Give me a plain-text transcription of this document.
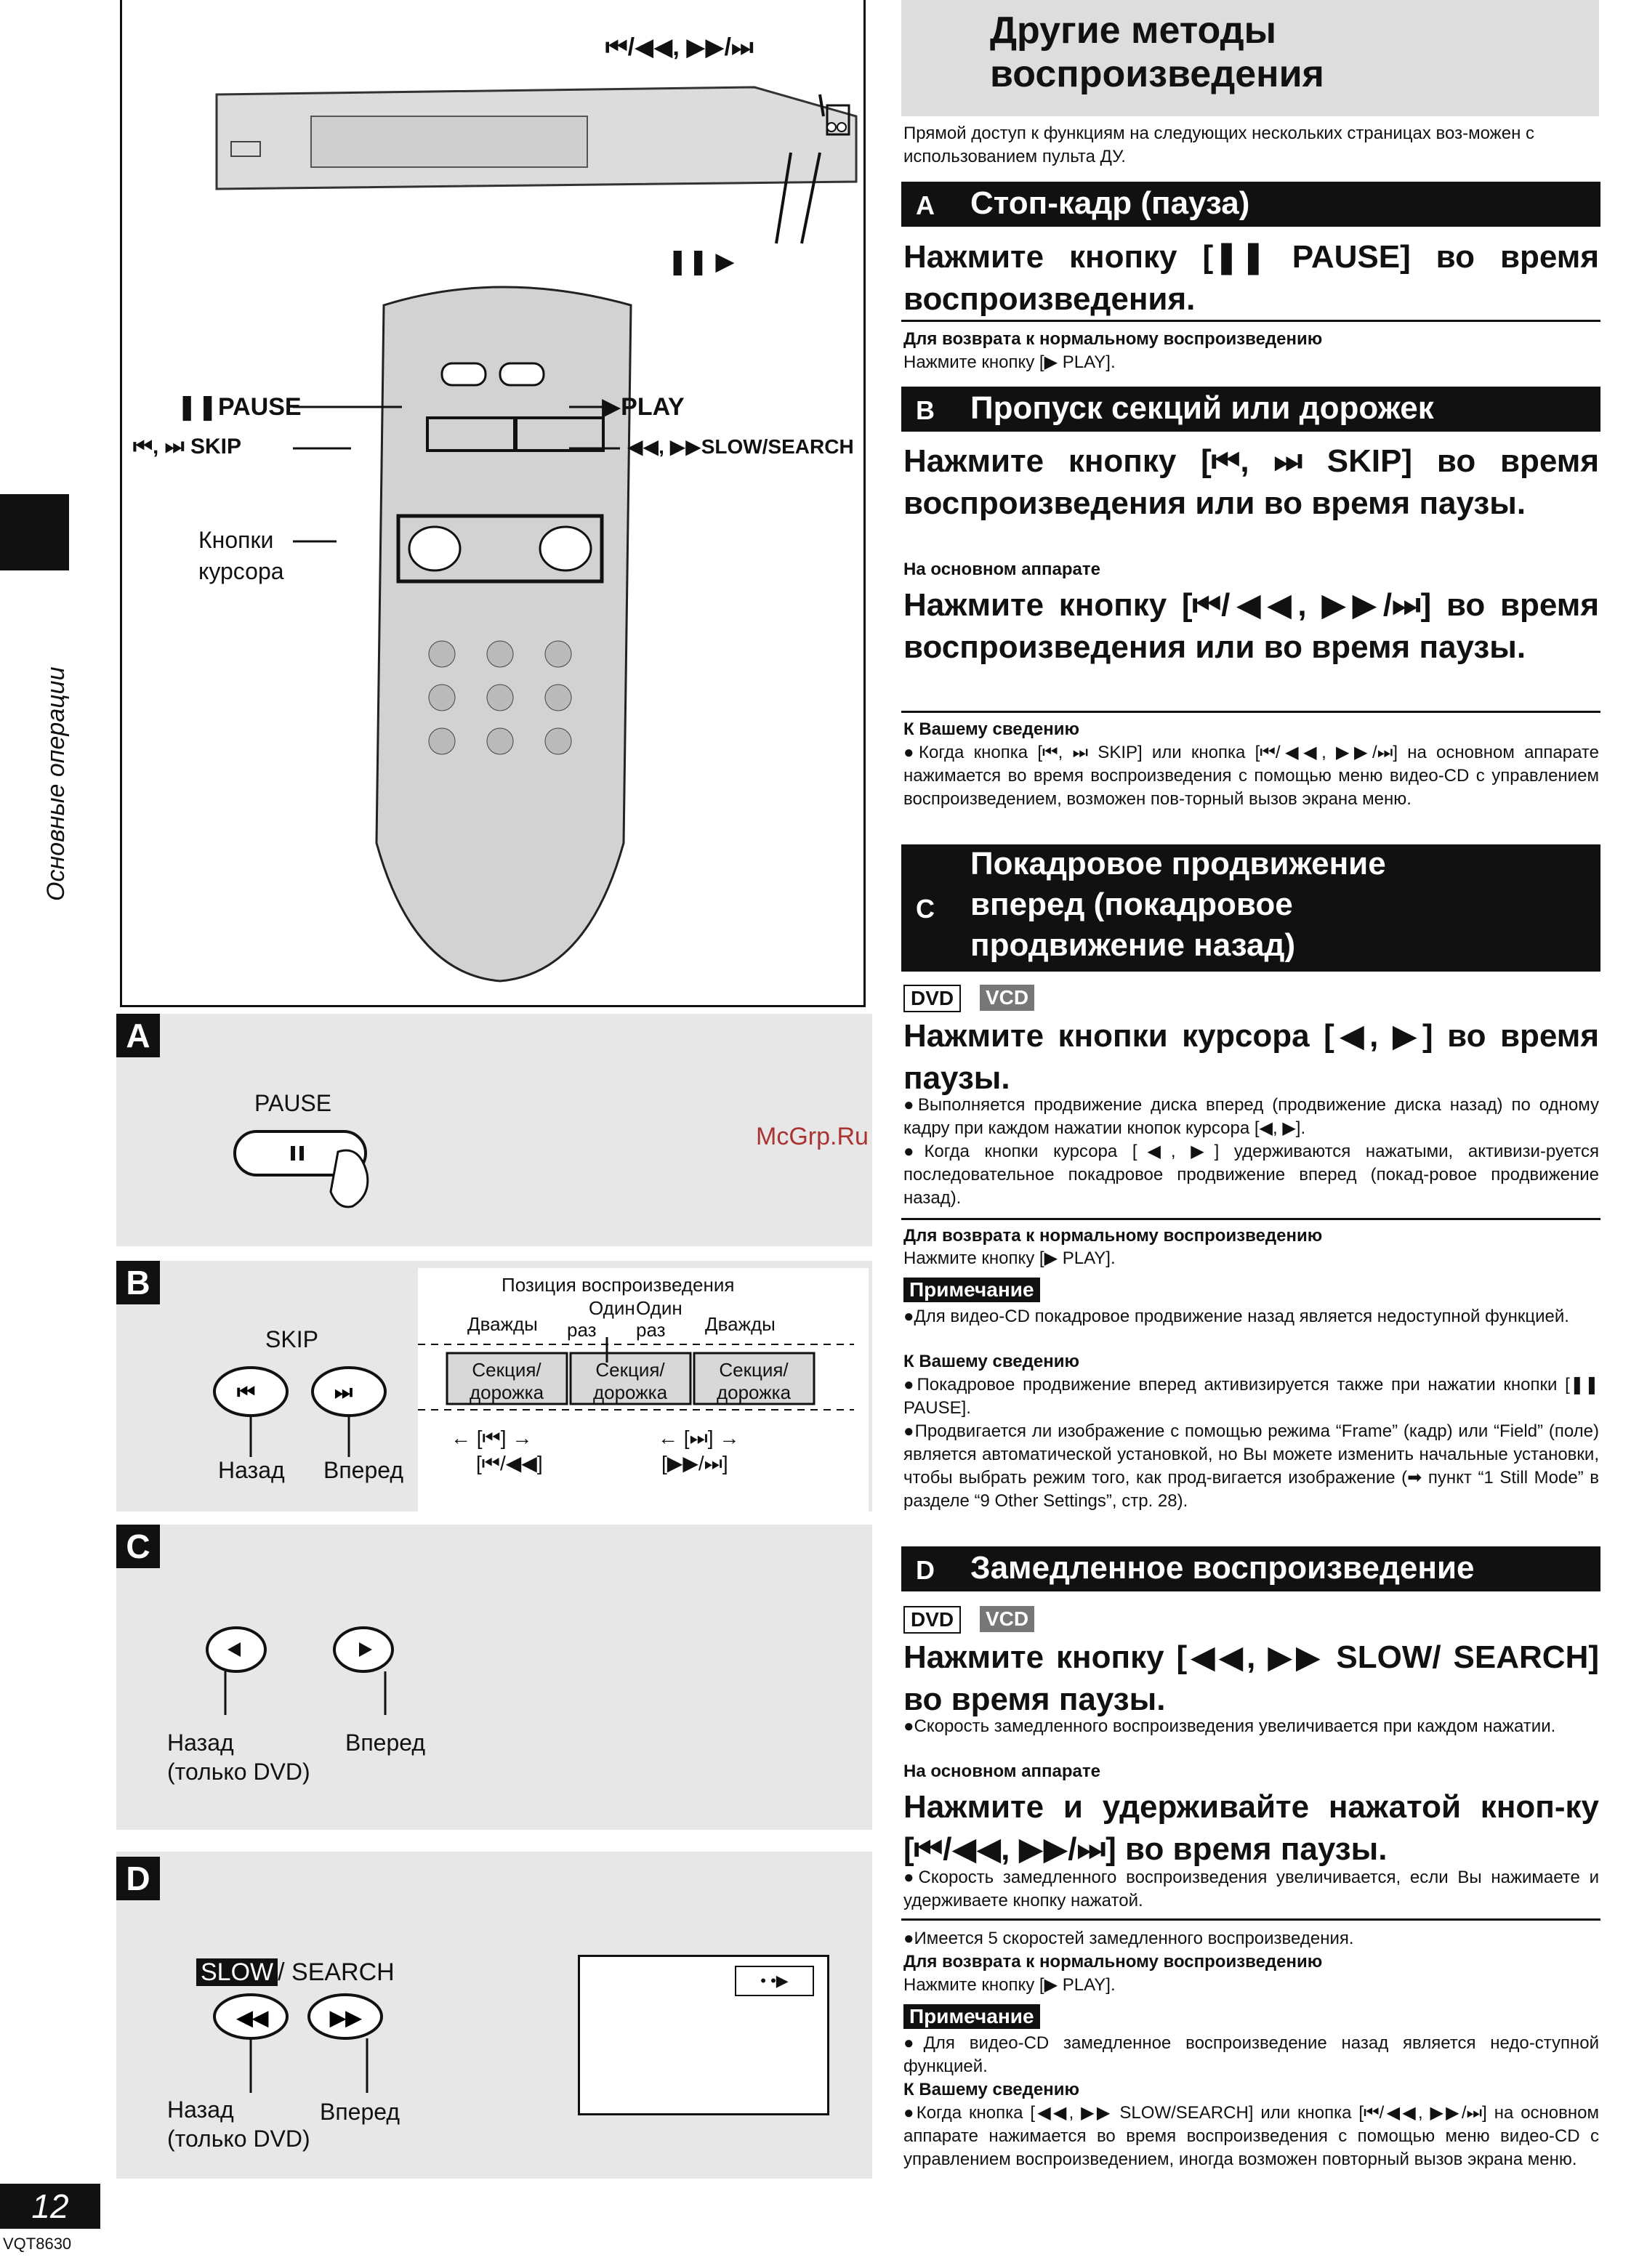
Основные операции
12
VQT8630
⏮/◀◀, ▶▶/⏭
❚❚ ▶
❚❚PAUSE	▶PLAY
⏮, ⏭ SKIP	◀◀, ▶▶SLOW/SEARCH
Кнопки
курсора
A
PAUSE
B
SKIP
⏮	⏭
Назад Вперед
Позиция воспроизведения
Дважды
Один
раз
Один
раз Дважды
Секция/
дорожка
Секция/
дорожка
Секция/
дорожка
← [⏮] →
[⏮/◀◀]
← [⏭] →
[▶▶/⏭]
C
Назад
(только DVD)
Вперед
D
SLOW / SEARCH
◀◀	▶▶
Назад
(только DVD)
Вперед
• •▶
Другие методы
воспроизведения
Прямой доступ к функциям на следующих нескольких страницах воз-можен с использованием пульта ДУ.
A Стоп-кадр (пауза)
Нажмите кнопку [❚❚ PAUSE] во время воспроизведения.
Для возврата к нормальному воспроизведению
Нажмите кнопку [▶ PLAY].
B Пропуск секций или дорожек
Нажмите кнопку [⏮, ⏭ SKIP] во время воспроизведения или во время паузы.
На основном аппарате
Нажмите кнопку [⏮/◀◀, ▶▶/⏭] во время воспроизведения или во время паузы.
К Вашему сведению
●Когда кнопка [⏮, ⏭ SKIP] или кнопка [⏮/◀◀, ▶▶/⏭] на основном аппарате нажимается во время воспроизведения с помощью меню видео-CD с управлением воспроизведением, возможен пов-торный вызов экрана меню.
C
Покадровое продвижение
вперед (покадровое
продвижение назад)
DVD	VCD
Нажмите кнопки курсора [◀, ▶] во время паузы.
●Выполняется продвижение диска вперед (продвижение диска назад) по одному кадру при каждом нажатии кнопок курсора [◀, ▶].
●Когда кнопки курсора [◀, ▶] удерживаются нажатыми, активизи-руется последовательное покадровое продвижение вперед (покад-ровое продвижение назад).
Для возврата к нормальному воспроизведению
Нажмите кнопку [▶ PLAY].
Примечание
●Для видео-CD покадровое продвижение назад является недоступной функцией.
К Вашему сведению
●Покадровое продвижение вперед активизируется также при нажатии кнопки [❚❚ PAUSE].
●Продвигается ли изображение с помощью режима “Frame” (кадр) или “Field” (поле) является автоматической установкой, но Вы можете изменить начальные установки, чтобы выбрать режим того, как прод-вигается изображение (➡ пункт “1 Still Mode” в разделе “9 Other Settings”, стр. 28).
D Замедленное воспроизведение
DVD	VCD
Нажмите кнопку [◀◀, ▶▶ SLOW/ SEARCH] во время паузы.
●Скорость замедленного воспроизведения увеличивается при каждом нажатии.
На основном аппарате
Нажмите и удерживайте нажатой кноп-ку [⏮/◀◀, ▶▶/⏭] во время паузы.
●Скорость замедленного воспроизведения увеличивается, если Вы нажимаете и удерживаете кнопку нажатой.
●Имеется 5 скоростей замедленного воспроизведения.
Для возврата к нормальному воспроизведению
Нажмите кнопку [▶ PLAY].
Примечание
●Для видео-CD замедленное воспроизведение назад является недо-ступной функцией.
К Вашему сведению
●Когда кнопка [◀◀, ▶▶ SLOW/SEARCH] или кнопка [⏮/◀◀, ▶▶/⏭] на основном аппарате нажимается во время воспроизведения с помощью меню видео-CD с управлением воспроизведением, иногда возможен повторный вызов экрана меню.
McGrp.Ru
